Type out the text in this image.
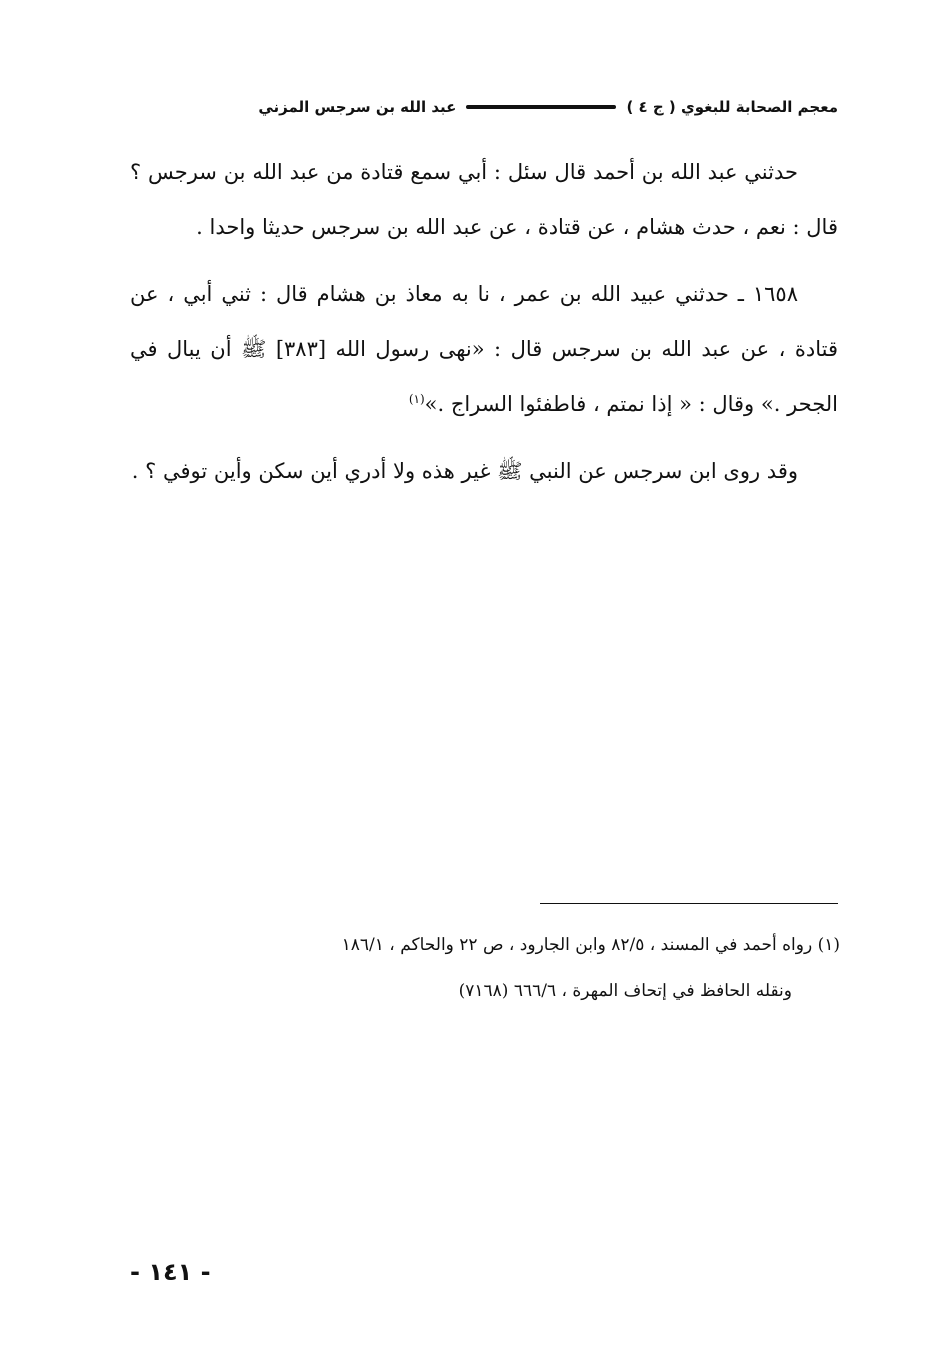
معجم الصحابة للبغوي ( ج ٤ )
عبد الله بن سرجس المزني

حدثني عبد الله بن أحمد قال سئل : أبي سمع قتادة من عبد الله بن سرجس ؟ قال : نعم ، حدث هشام ، عن قتادة ، عن عبد الله بن سرجس حديثا واحدا .

١٦٥٨ ـ حدثني عبيد الله بن عمر ، نا به معاذ بن هشام قال : ثني أبي ، عن قتادة ، عن عبد الله بن سرجس قال : «نهى رسول الله [٣٨٣] ﷺ أن يبال في الجحر .» وقال : « إذا نمتم ، فاطفئوا السراج .»$^{(١)}$

وقد روى ابن سرجس عن النبي ﷺ غير هذه ولا أدري أين سكن وأين توفي ؟ .

(١) رواه أحمد في المسند ، ٨٢/٥ وابن الجارود ، ص ٢٢ والحاكم ، ١٨٦/١

ونقله الحافظ في إتحاف المهرة ، ٦٦٦/٦ (٧١٦٨)

- ١٤١ -
